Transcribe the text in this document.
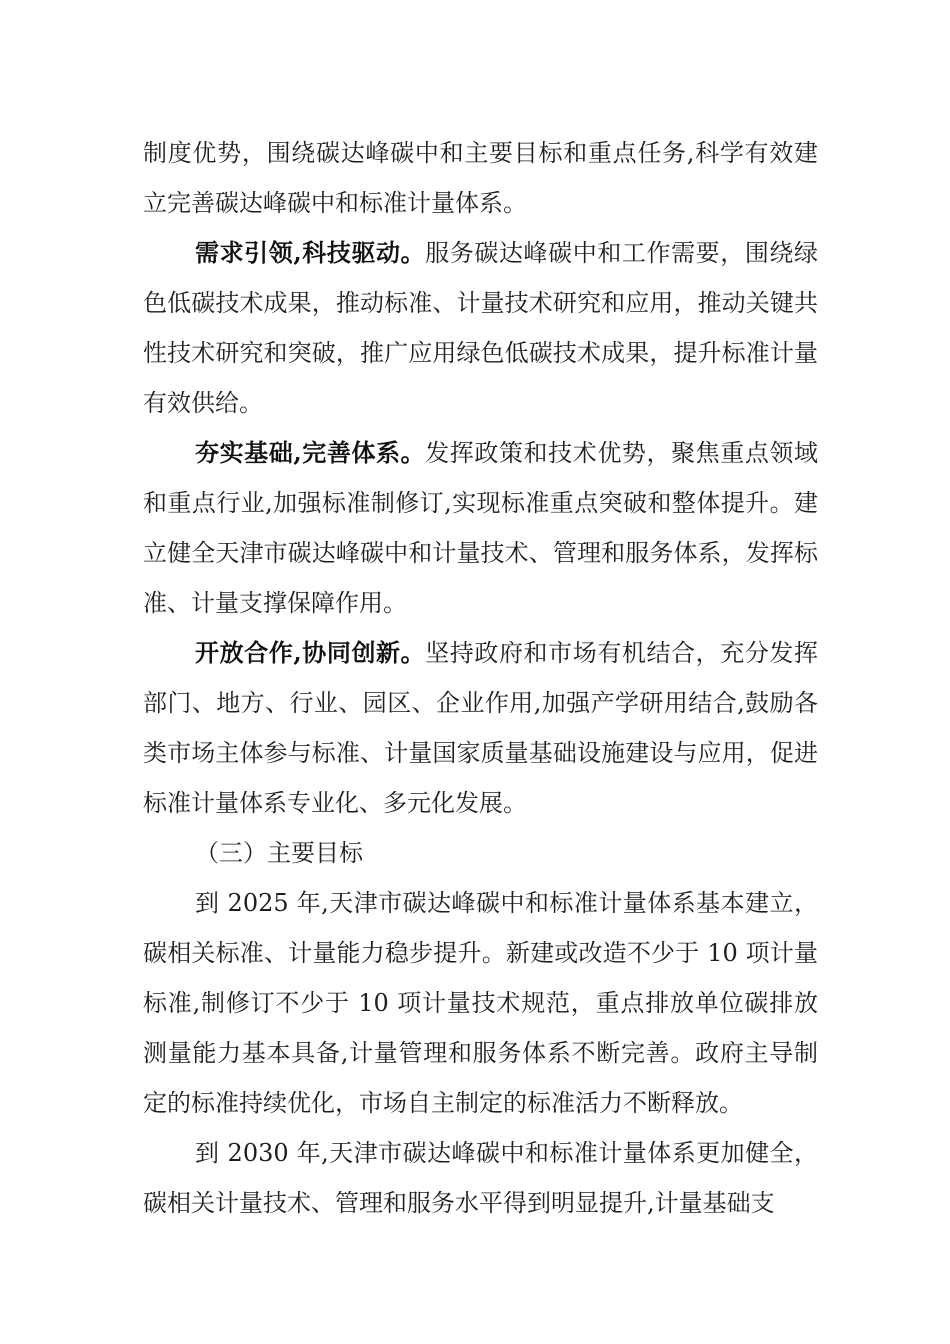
制度优势，围绕碳达峰碳中和主要目标和重点任务,科学有效建立完善碳达峰碳中和标准计量体系。

需求引领,科技驱动。服务碳达峰碳中和工作需要，围绕绿色低碳技术成果，推动标准、计量技术研究和应用，推动关键共性技术研究和突破，推广应用绿色低碳技术成果，提升标准计量有效供给。

夯实基础,完善体系。发挥政策和技术优势，聚焦重点领域和重点行业,加强标准制修订,实现标准重点突破和整体提升。建立健全天津市碳达峰碳中和计量技术、管理和服务体系，发挥标准、计量支撑保障作用。

开放合作,协同创新。坚持政府和市场有机结合，充分发挥部门、地方、行业、园区、企业作用,加强产学研用结合,鼓励各类市场主体参与标准、计量国家质量基础设施建设与应用，促进标准计量体系专业化、多元化发展。

（三）主要目标

到 2025 年,天津市碳达峰碳中和标准计量体系基本建立，碳相关标准、计量能力稳步提升。新建或改造不少于 10 项计量标准,制修订不少于 10 项计量技术规范，重点排放单位碳排放测量能力基本具备,计量管理和服务体系不断完善。政府主导制定的标准持续优化，市场自主制定的标准活力不断释放。

到 2030 年,天津市碳达峰碳中和标准计量体系更加健全，碳相关计量技术、管理和服务水平得到明显提升,计量基础支
